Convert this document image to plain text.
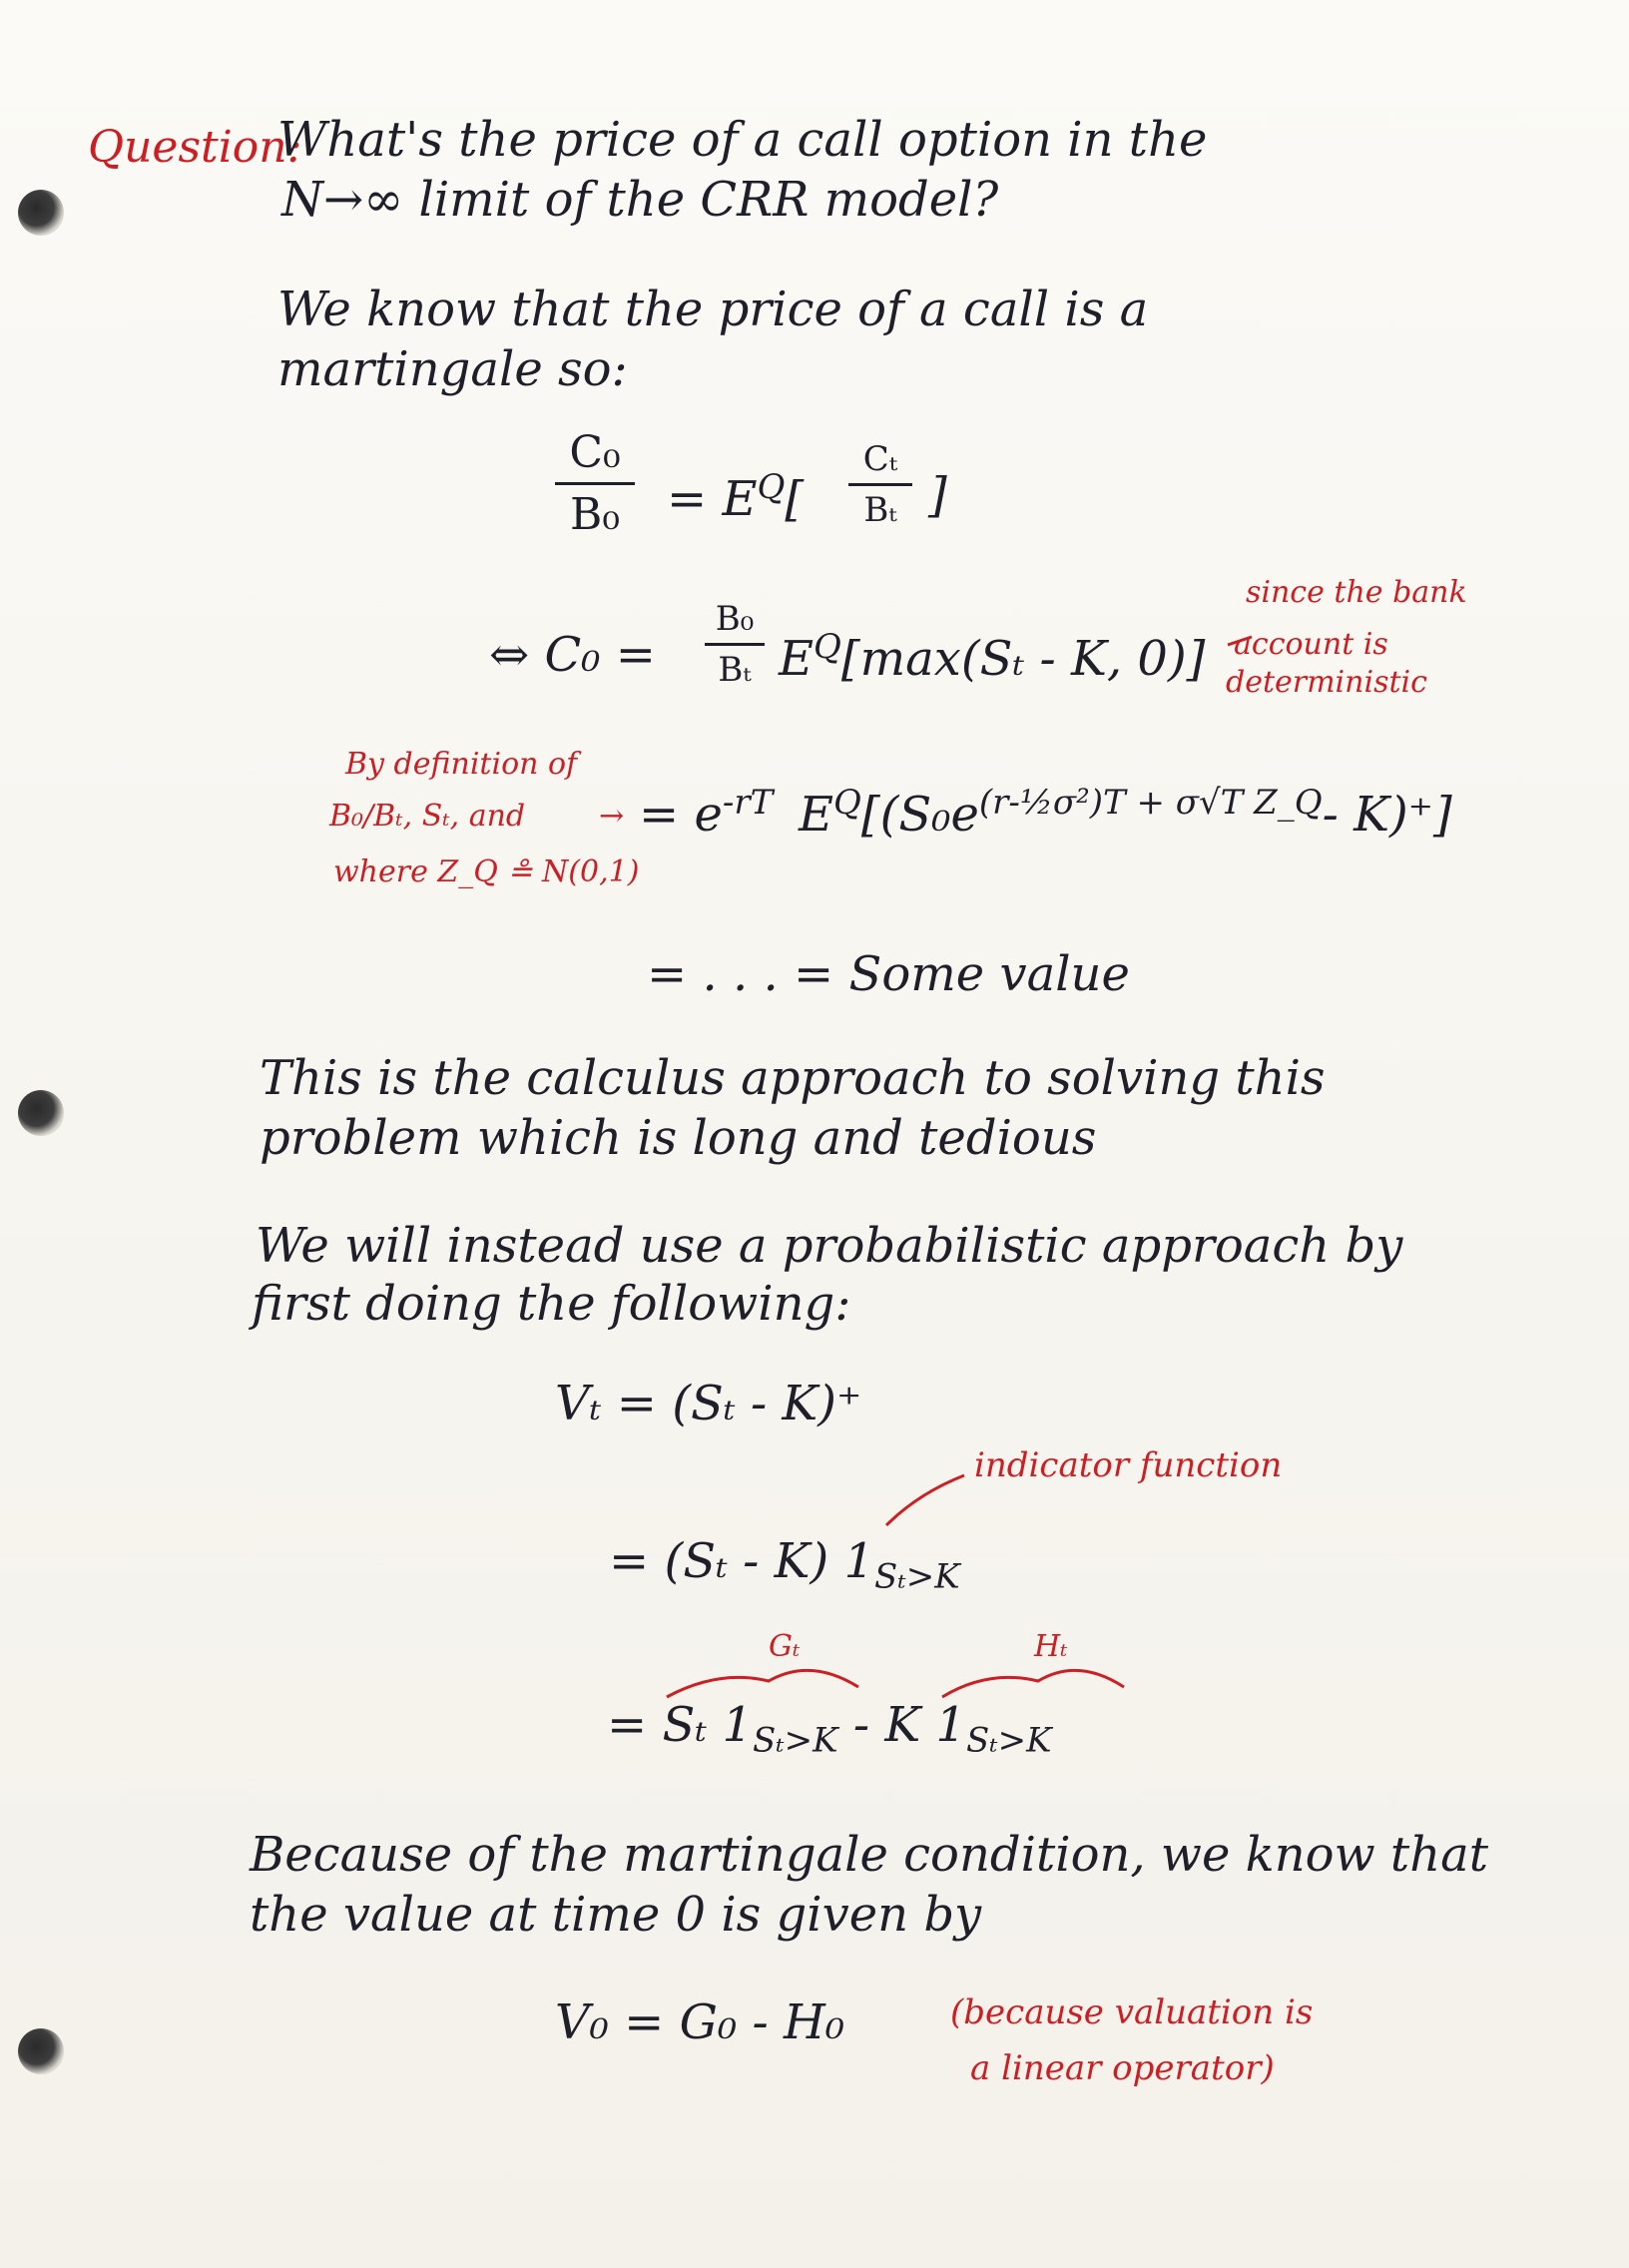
Question:
What's the price of a call option in the
N→∞ limit of the CRR model?
We know that the price of a call is a
martingale so:
C₀
$B_0 = E^Q$[
Cₜ
Bₜ ]
⇔ C₀ =
B₀
Bₜ $E^Q[\max(S_t$ - K, 0)]
since the bank
account is
deterministic
By definition of
B₀/Bₜ, Sₜ, and
where Z_Q ≗ N(0,1)
→ = $e^{-rT}$ $E^Q[(S_0e^{(r-\frac{1}{2}\sigma^2)T + \sigma√T Z\_Q}-$ K)⁺]
= . . . = Some value
This is the calculus approach to solving this
problem which is long and tedious
We will instead use a probabilistic approach by
first doing the following:
Vₜ = (Sₜ - K)⁺
indicator function
= (Sₜ - K) $1_{S_t>K}$
Gₜ	Hₜ
= Sₜ $1_{S_t>K}$ - K $1_{S_t>K}$
Because of the martingale condition, we know that
the value at time 0 is given by
V₀ = G₀ - H₀	(because valuation is
a linear operator)
